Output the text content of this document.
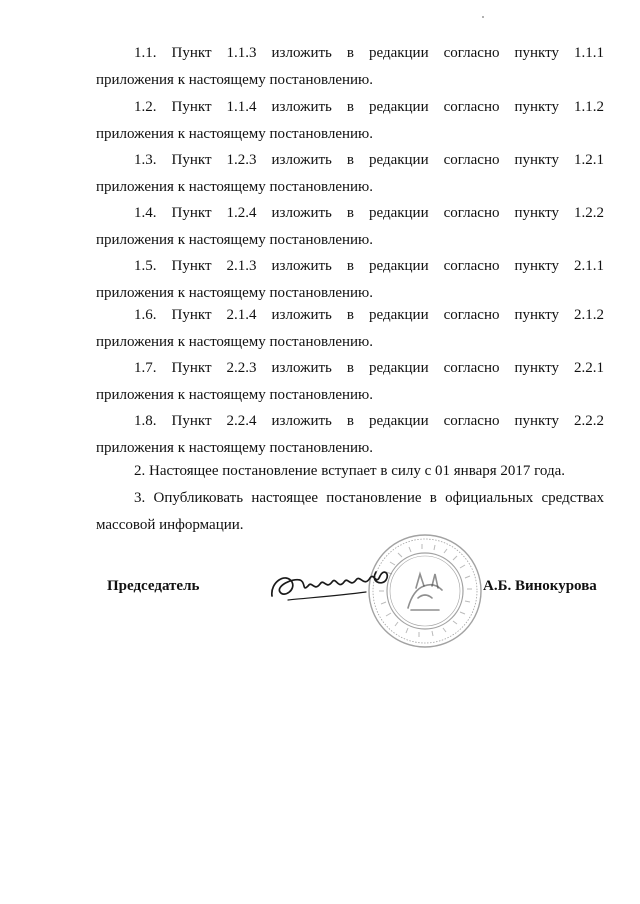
1.1. Пункт 1.1.3 изложить в редакции согласно пункту 1.1.1
приложения к настоящему постановлению.
1.2. Пункт 1.1.4 изложить в редакции согласно пункту 1.1.2
приложения к настоящему постановлению.
1.3. Пункт 1.2.3 изложить в редакции согласно пункту 1.2.1
приложения к настоящему постановлению.
1.4. Пункт 1.2.4 изложить в редакции согласно пункту 1.2.2
приложения к настоящему постановлению.
1.5. Пункт 2.1.3 изложить в редакции согласно пункту 2.1.1
приложения к настоящему постановлению.
1.6. Пункт 2.1.4 изложить в редакции согласно пункту 2.1.2
приложения к настоящему постановлению.
1.7. Пункт 2.2.3 изложить в редакции согласно пункту 2.2.1
приложения к настоящему постановлению.
1.8. Пункт 2.2.4 изложить в редакции согласно пункту 2.2.2
приложения к настоящему постановлению.
2. Настоящее постановление вступает в силу с 01 января 2017 года.
3. Опубликовать настоящее постановление в официальных средствах
массовой информации.
Председатель	А.Б. Винокурова
